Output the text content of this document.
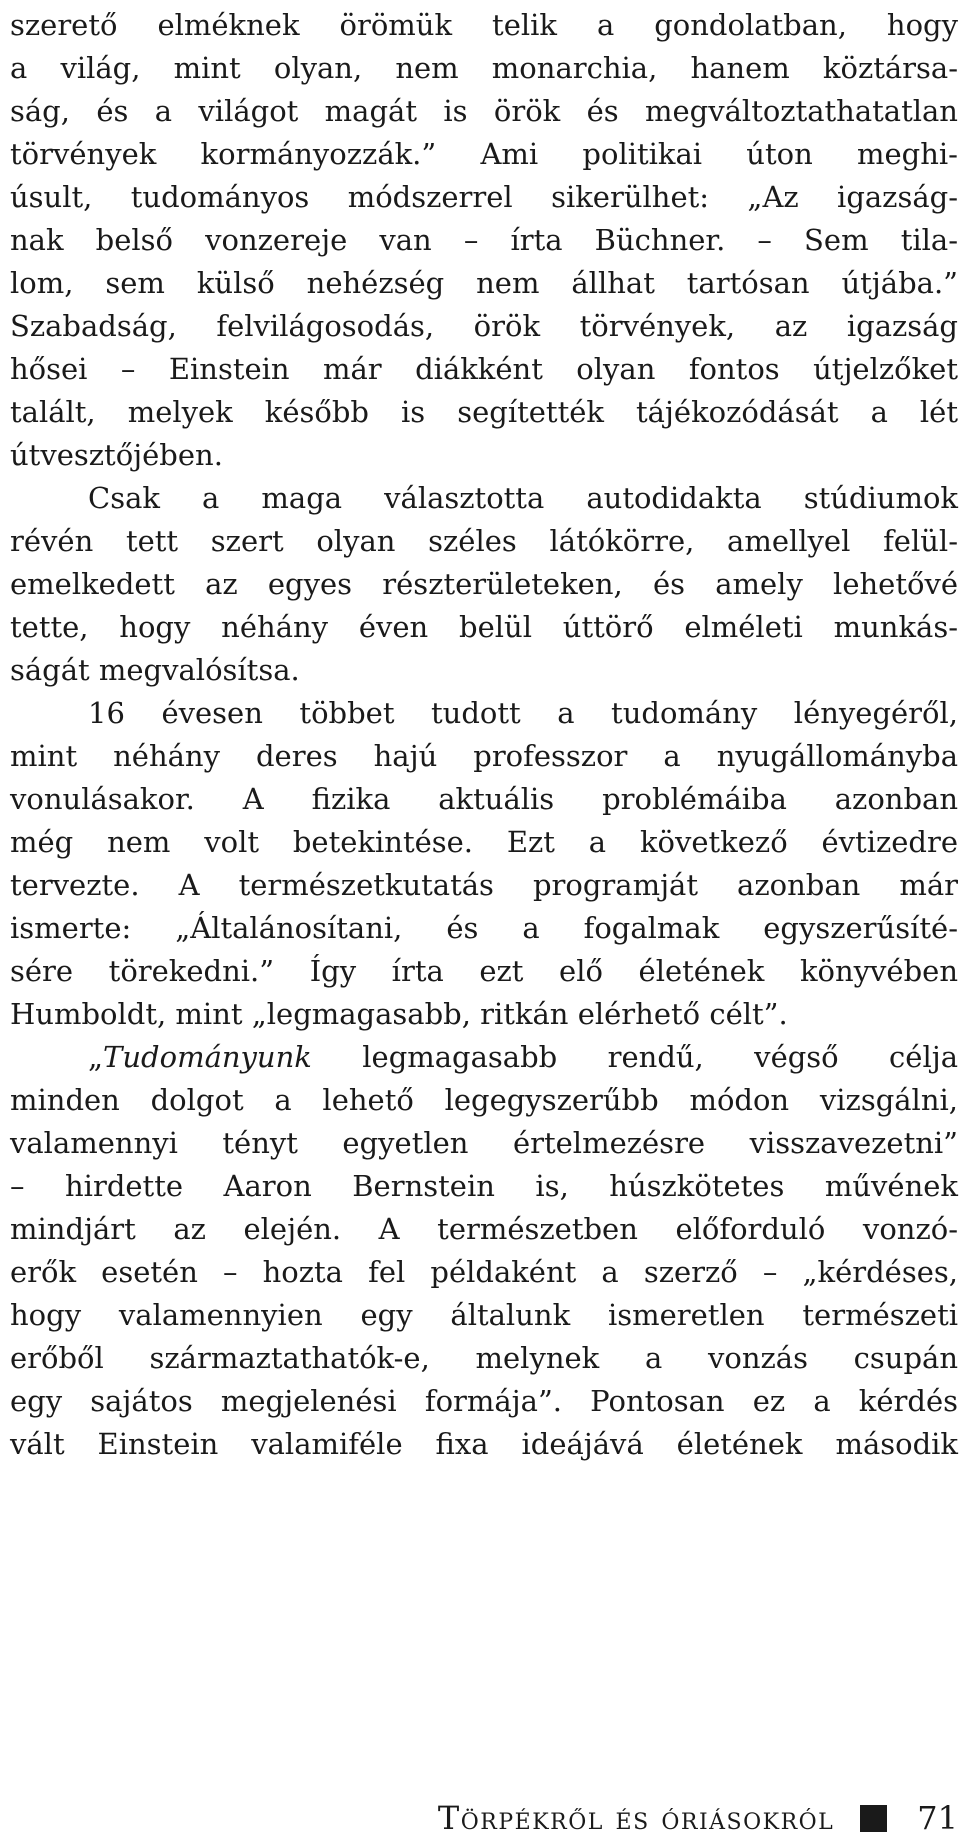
szerető elméknek örömük telik a gondolatban, hogy
a világ, mint olyan, nem monarchia, hanem köztársa-
ság, és a világot magát is örök és megváltoztathatatlan
törvények kormányozzák.” Ami politikai úton meghi-
úsult, tudományos módszerrel sikerülhet: „Az igazság-
nak belső vonzereje van – írta Büchner. – Sem tila-
lom, sem külső nehézség nem állhat tartósan útjába.”
Szabadság, felvilágosodás, örök törvények, az igazság
hősei – Einstein már diákként olyan fontos útjelzőket
talált, melyek később is segítették tájékozódását a lét
útvesztőjében.
Csak a maga választotta autodidakta stúdiumok
révén tett szert olyan széles látókörre, amellyel felül-
emelkedett az egyes részterületeken, és amely lehetővé
tette, hogy néhány éven belül úttörő elméleti munkás-
ságát megvalósítsa.
16 évesen többet tudott a tudomány lényegéről,
mint néhány deres hajú professzor a nyugállományba
vonulásakor. A fizika aktuális problémáiba azonban
még nem volt betekintése. Ezt a következő évtizedre
tervezte. A természetkutatás programját azonban már
ismerte: „Általánosítani, és a fogalmak egyszerűsíté-
sére törekedni.” Így írta ezt elő életének könyvében
Humboldt, mint „legmagasabb, ritkán elérhető célt”.
„Tudományunk legmagasabb rendű, végső célja
minden dolgot a lehető legegyszerűbb módon vizsgálni,
valamennyi tényt egyetlen értelmezésre visszavezetni”
– hirdette Aaron Bernstein is, húszkötetes művének
mindjárt az elején. A természetben előforduló vonzó-
erők esetén – hozta fel példaként a szerző – „kérdéses,
hogy valamennyien egy általunk ismeretlen természeti
erőből származtathatók-e, melynek a vonzás csupán
egy sajátos megjelenési formája”. Pontosan ez a kérdés
vált Einstein valamiféle fixa ideájává életének második
Törpékről és óriásokról	71
